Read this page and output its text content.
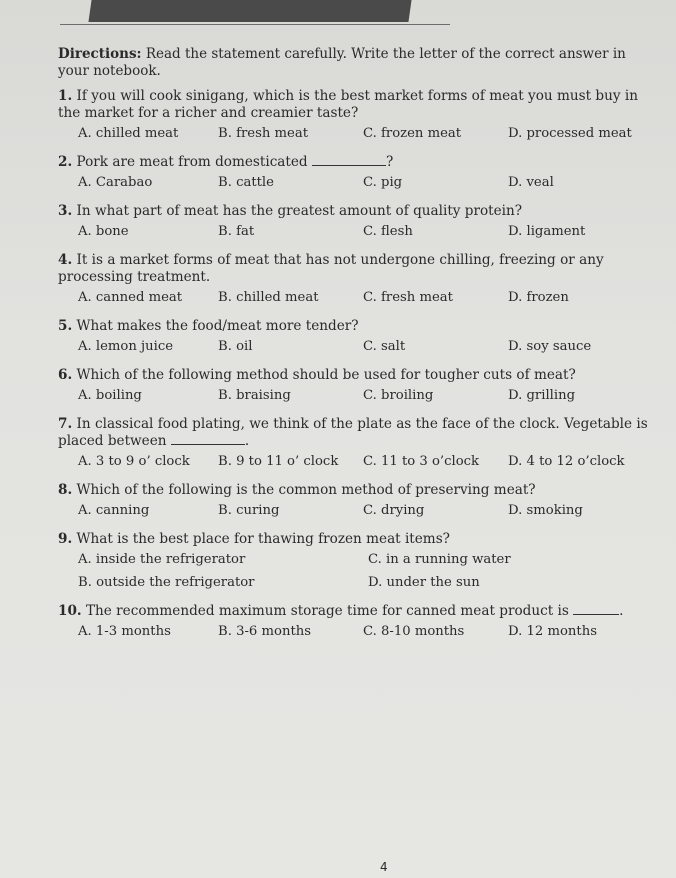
Directions: Read the statement carefully. Write the letter of the correct answer in your notebook.
1. If you will cook sinigang, which is the best market forms of meat you must buy in the market for a richer and creamier taste?
A. chilled meat	B. fresh meat	C. frozen meat	D. processed meat
2. Pork are meat from domesticated	?
A. Carabao	B. cattle	C. pig	D. veal
3. In what part of meat has the greatest amount of quality protein?
A. bone	B. fat	C. flesh	D. ligament
4. It is a market forms of meat that has not undergone chilling, freezing or any processing treatment.
A. canned meat	B. chilled meat	C. fresh meat	D. frozen
5. What makes the food/meat more tender?
A. lemon juice	B. oil	C. salt	D. soy sauce
6. Which of the following method should be used for tougher cuts of meat?
A. boiling	B. braising	C. broiling	D. grilling
7. In classical food plating, we think of the plate as the face of the clock. Vegetable is placed between	.
A. 3 to 9 o’ clock	B. 9 to 11 o’ clock	C. 11 to 3 o’clock	D. 4 to 12 o’clock
8. Which of the following is the common method of preserving meat?
A. canning	B. curing	C. drying	D. smoking
9. What is the best place for thawing frozen meat items?
A. inside the refrigerator	C. in a running water
B. outside the refrigerator	D. under the sun
10. The recommended maximum storage time for canned meat product is	.
A. 1-3 months	B. 3-6 months	C. 8-10 months	D. 12 months
4
